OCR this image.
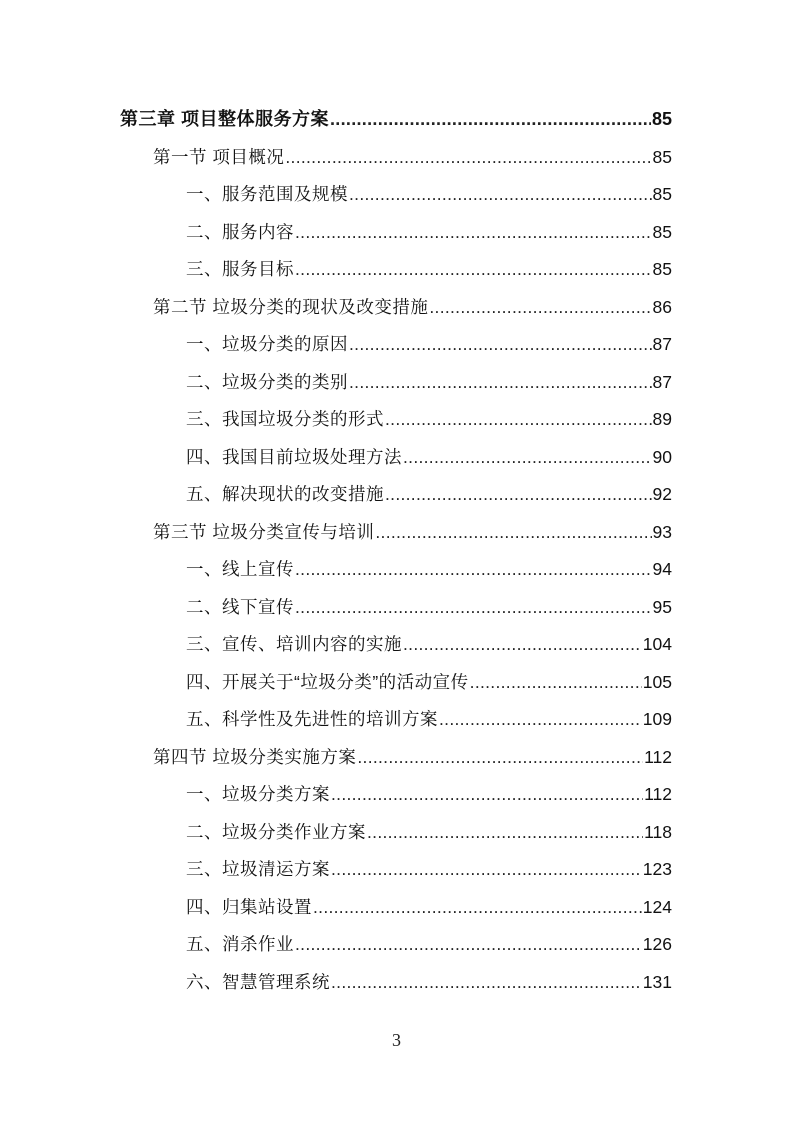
第三章 项目整体服务方案 .....	85
第一节 项目概况 .....	85
一、服务范围及规模 .....	85
二、服务内容 .....	85
三、服务目标 .....	85
第二节 垃圾分类的现状及改变措施 .....	86
一、垃圾分类的原因 .....	87
二、垃圾分类的类别 .....	87
三、我国垃圾分类的形式 .....	89
四、我国目前垃圾处理方法 .....	90
五、解决现状的改变措施 .....	92
第三节 垃圾分类宣传与培训 .....	93
一、线上宣传 .....	94
二、线下宣传 .....	95
三、宣传、培训内容的实施 .....	104
四、开展关于“垃圾分类”的活动宣传 .....	105
五、科学性及先进性的培训方案 .....	109
第四节 垃圾分类实施方案 .....	112
一、垃圾分类方案 .....	112
二、垃圾分类作业方案 .....	118
三、垃圾清运方案 .....	123
四、归集站设置 .....	124
五、消杀作业 .....	126
六、智慧管理系统 .....	131
3
